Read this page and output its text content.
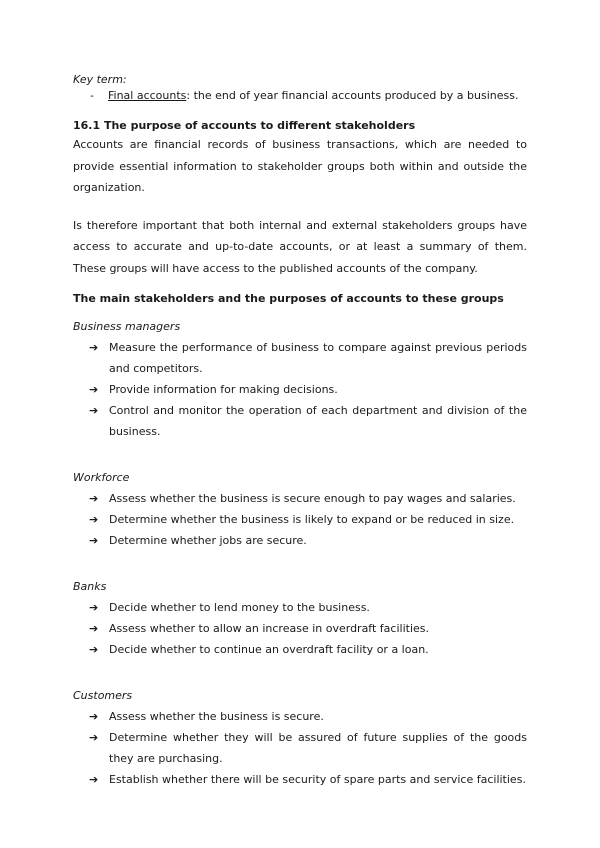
Key term:

-	Final accounts: the end of year financial accounts produced by a business.

16.1 The purpose of accounts to different stakeholders

Accounts are financial records of business transactions, which are needed to provide essential information to stakeholder groups both within and outside the organization.

Is therefore important that both internal and external stakeholders groups have access to accurate and up-to-date accounts, or at least a summary of them. These groups will have access to the published accounts of the company.

The main stakeholders and the purposes of accounts to these groups

Business managers

➔ Measure the performance of business to compare against previous periods and competitors.
➔ Provide information for making decisions.
➔ Control and monitor the operation of each department and division of the business.

Workforce

➔ Assess whether the business is secure enough to pay wages and salaries.
➔ Determine whether the business is likely to expand or be reduced in size.
➔ Determine whether jobs are secure.

Banks

➔ Decide whether to lend money to the business.
➔ Assess whether to allow an increase in overdraft facilities.
➔ Decide whether to continue an overdraft facility or a loan.

Customers

➔ Assess whether the business is secure.
➔ Determine whether they will be assured of future supplies of the goods they are purchasing.
➔ Establish whether there will be security of spare parts and service facilities.
